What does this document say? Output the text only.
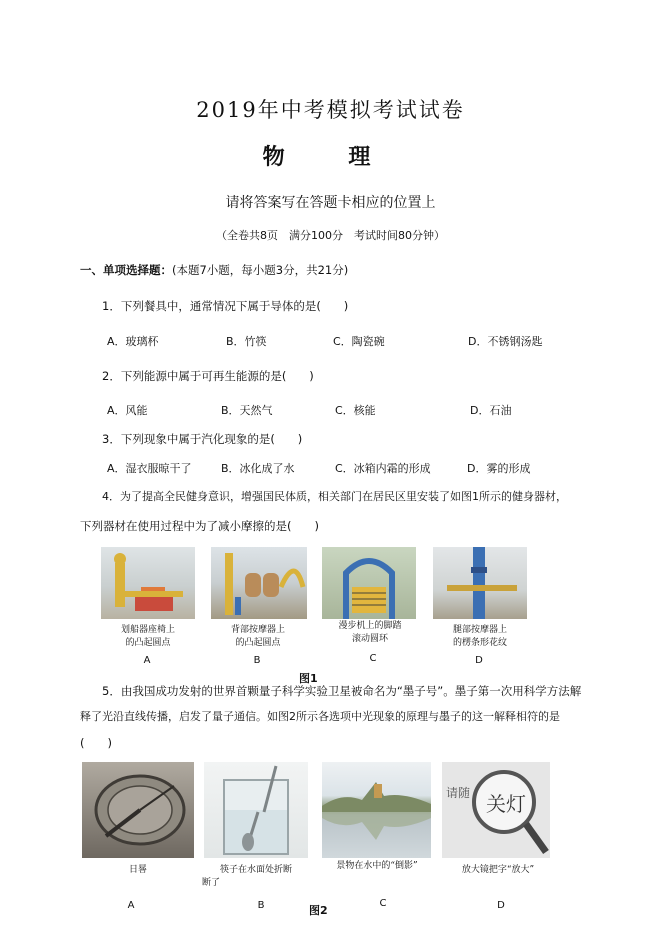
2019年中考模拟考试试卷
物 理
请将答案写在答题卡相应的位置上
（全卷共8页　满分100分　考试时间80分钟）
一、单项选择题：(本题7小题，每小题3分，共21分)
1．下列餐具中，通常情况下属于导体的是(　　)
A．玻璃杯	B．竹筷	C．陶瓷碗	D．不锈钢汤匙
2．下列能源中属于可再生能源的是(　　)
A．风能	B．天然气	C．核能	D．石油
3．下列现象中属于汽化现象的是(　　)
A．湿衣服晾干了	B．冰化成了水	C．冰箱内霜的形成	D．雾的形成
4．为了提高全民健身意识，增强国民体质，相关部门在居民区里安装了如图1所示的健身器材，
下列器材在使用过程中为了减小摩擦的是(　　)
划船器座椅上
的凸起圆点
背部按摩器上
的凸起圆点
漫步机上的脚踏
滚动圆环
腿部按摩器上
的楞条形花纹
A	B	C	D
图1
5．由我国成功发射的世界首颗量子科学实验卫星被命名为“墨子号”。墨子第一次用科学方法解
释了光沿直线传播，启发了量子通信。如图2所示各选项中光现象的原理与墨子的这一解释相符的是
(　　)
请随 关灯
日晷	筷子在水面处折断
断了
景物在水中的“倒影”	放大镜把字“放大”
A	B	C	D
图2
